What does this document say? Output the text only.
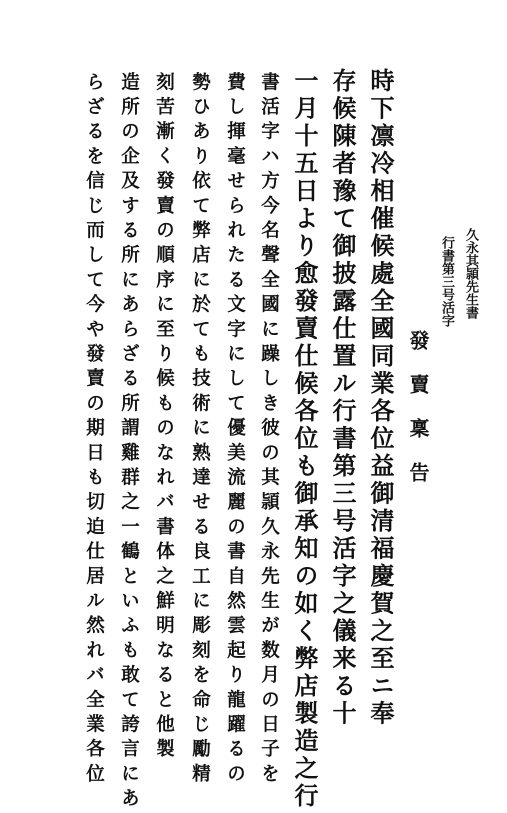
久永其頴先生書
行書第三号活字
發賣稟告
時下凛冷相催候處全國同業各位益御清福慶賀之至ニ奉
存候陳者豫て御披露仕置ル行書第三号活字之儀来る十
一月十五日より愈發賣仕候各位も御承知の如く弊店製造之行
書活字ハ方今名聲全國に躁しき彼の其頴久永先生が数月の日子を
費し揮毫せられたる文字にして優美流麗の書自然雲起り龍躍るの
勢ひあり依て弊店に於ても技術に熟達せる良工に彫刻を命じ勵精
刻苦漸く發賣の順序に至り候ものなれバ書体之鮮明なると他製
造所の企及する所にあらざる所謂雞群之一鶴といふも敢て誇言にあ
らざるを信じ而して今や發賣の期日も切迫仕居ル然れバ全業各位
